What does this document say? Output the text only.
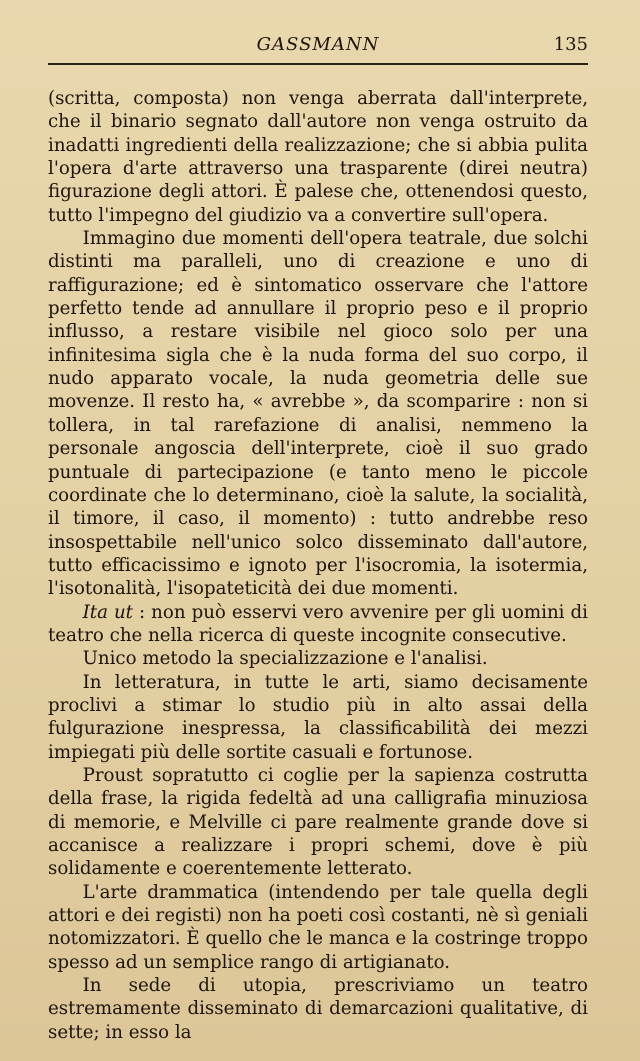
GASSMANN	135

(scritta, composta) non venga aberrata dall'interprete, che il binario segnato dall'autore non venga ostruito da inadatti ingredienti della realizzazione; che si abbia pulita l'opera d'arte attraverso una trasparente (direi neutra) figurazione degli attori. È palese che, ottenendosi questo, tutto l'impegno del giudizio va a convertire sull'opera.

Immagino due momenti dell'opera teatrale, due solchi distinti ma paralleli, uno di creazione e uno di raffigurazione; ed è sintomatico osservare che l'attore perfetto tende ad annullare il proprio peso e il proprio influsso, a restare visibile nel gioco solo per una infinitesima sigla che è la nuda forma del suo corpo, il nudo apparato vocale, la nuda geometria delle sue movenze. Il resto ha, « avrebbe », da scomparire : non si tollera, in tal rarefazione di analisi, nemmeno la personale angoscia dell'interprete, cioè il suo grado puntuale di partecipazione (e tanto meno le piccole coordinate che lo determinano, cioè la salute, la socialità, il timore, il caso, il momento) : tutto andrebbe reso insospettabile nell'unico solco disseminato dall'autore, tutto efficacissimo e ignoto per l'isocromia, la isotermia, l'isotonalità, l'isopateticità dei due momenti.

Ita ut : non può esservi vero avvenire per gli uomini di teatro che nella ricerca di queste incognite consecutive.

Unico metodo la specializzazione e l'analisi.

In letteratura, in tutte le arti, siamo decisamente proclivi a stimar lo studio più in alto assai della fulgurazione inespressa, la classificabilità dei mezzi impiegati più delle sortite casuali e fortunose.

Proust sopratutto ci coglie per la sapienza costrutta della frase, la rigida fedeltà ad una calligrafia minuziosa di memorie, e Melville ci pare realmente grande dove si accanisce a realizzare i propri schemi, dove è più solidamente e coerentemente letterato.

L'arte drammatica (intendendo per tale quella degli attori e dei registi) non ha poeti così costanti, nè sì geniali notomizzatori. È quello che le manca e la costringe troppo spesso ad un semplice rango di artigianato.

In sede di utopia, prescriviamo un teatro estremamente disseminato di demarcazioni qualitative, di sette; in esso la
